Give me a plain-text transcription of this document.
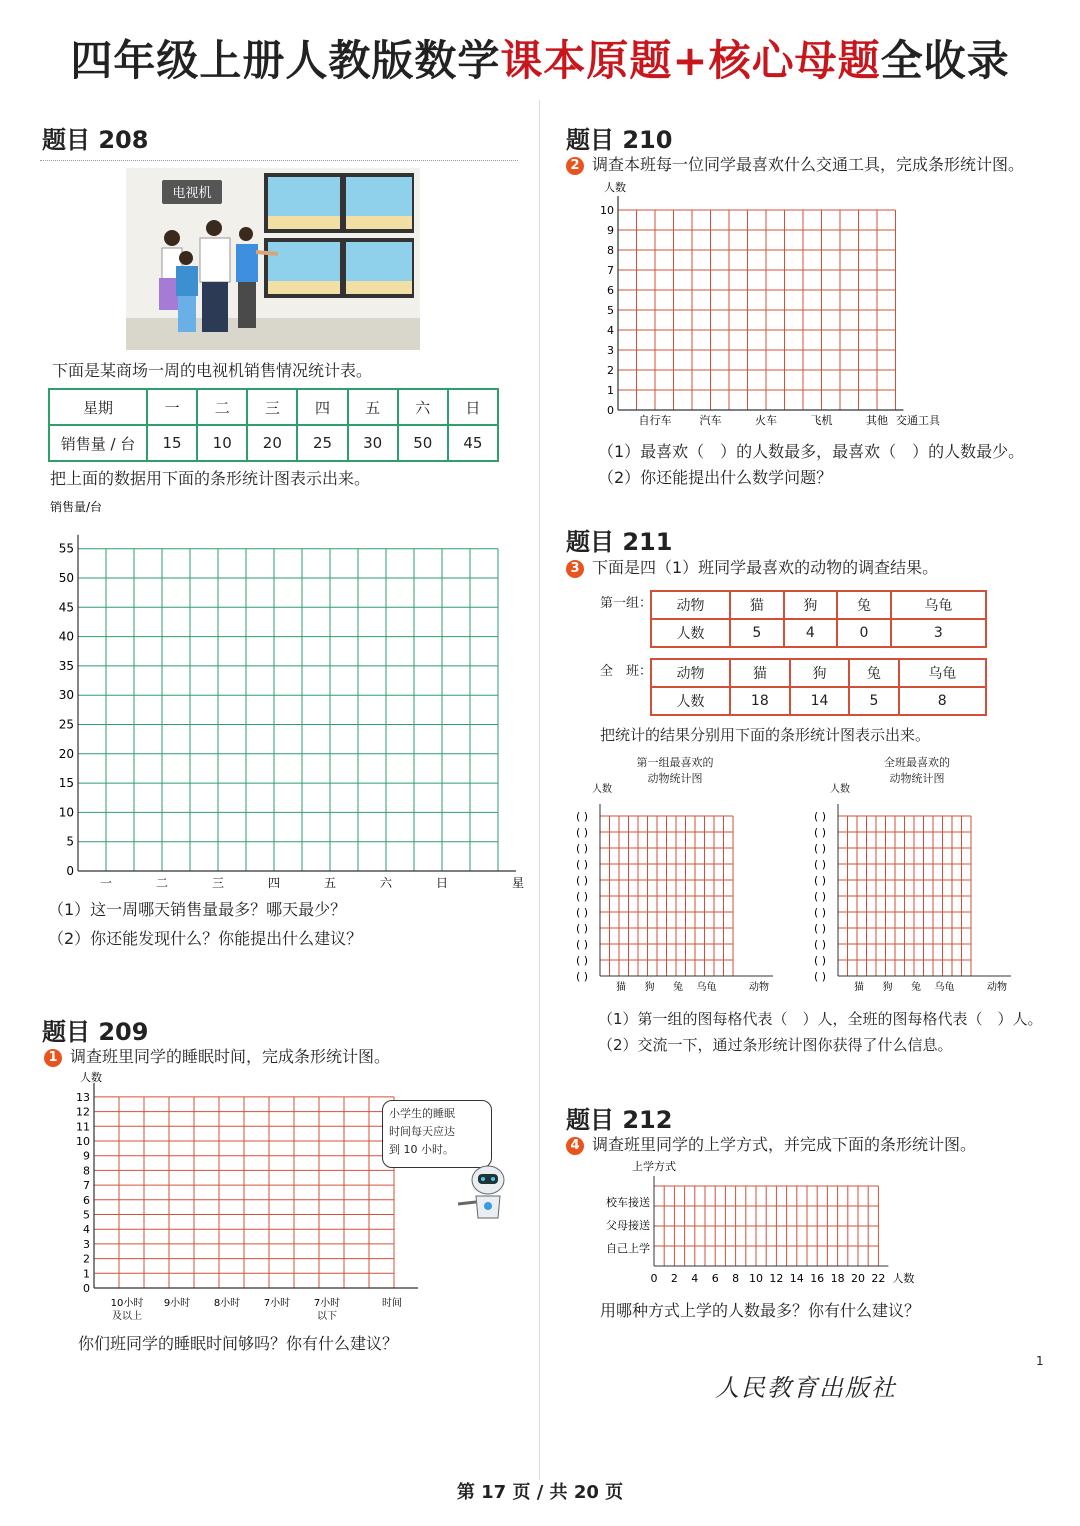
四年级上册人教版数学课本原题+核心母题全收录
题目 208
电视机
下面是某商场一周的电视机销售情况统计表。
星期	一	二	三	四	五	六	日
销售量 / 台	15	10	20	25	30	50	45
把上面的数据用下面的条形统计图表示出来。
0
5
10
15
20
25
30
35
40
45
50
55
一	二	三	四	五	六	日	星
销售量/台
（1）这一周哪天销售量最多？哪天最少？
（2）你还能发现什么？你能提出什么建议？
题目 209
1 调查班里同学的睡眠时间，完成条形统计图。
0
1
2
3
4
5
6
7
8
9
10
11
12
13
人数
10小时
及以上
9小时 8小时 7小时 7小时
以下
时间
小学生的睡眠
时间每天应达
到 10 小时。
你们班同学的睡眠时间够吗？你有什么建议？
题目 210
2 调查本班每一位同学最喜欢什么交通工具，完成条形统计图。
0
1
2
3
4
5
6
7
8
9
10
人数
自行车	汽车	火车	飞机	其他 交通工具
（1）最喜欢（　）的人数最多，最喜欢（　）的人数最少。
（2）你还能提出什么数学问题？
题目 211
3 下面是四（1）班同学最喜欢的动物的调查结果。
第一组： 动物	猫	狗	兔	乌龟
人数	5	4	0	3
全　班： 动物	猫	狗	兔	乌龟
人数	18	14	5	8
把统计的结果分别用下面的条形统计图表示出来。
第一组最喜欢的
动物统计图
全班最喜欢的
动物统计图
( )
( )
( )
( )
( )
( )
( )
( )
( )
( )
( )
人数
猫 狗 兔 乌龟	动物
( )
( )
( )
( )
( )
( )
( )
( )
( )
( )
( )
人数
猫 狗 兔 乌龟	动物
（1）第一组的图每格代表（　）人，全班的图每格代表（　）人。
（2）交流一下，通过条形统计图你获得了什么信息。
题目 212
4 调查班里同学的上学方式，并完成下面的条形统计图。
上学方式
校车接送
父母接送
自己上学
0 2 4 6 8 10 12 14 16 18 20 22 人数
用哪种方式上学的人数最多？你有什么建议？
1
人民教育出版社
第 17 页 / 共 20 页
